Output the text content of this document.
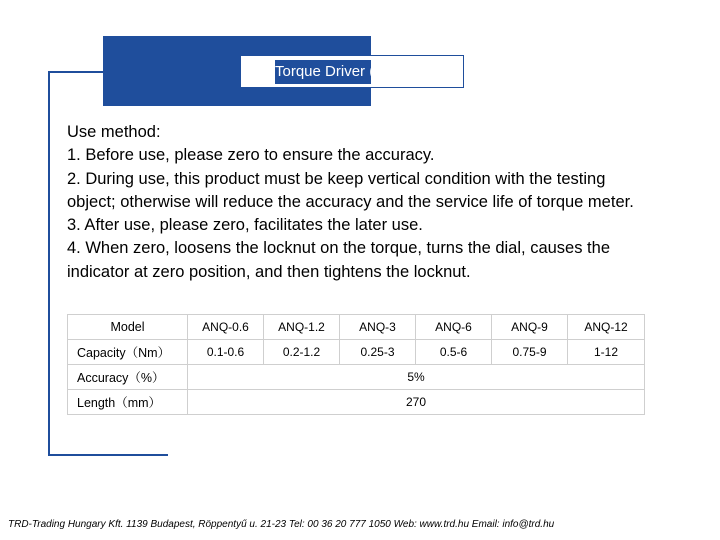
Torque Driver (ANQ)
Use method:
1. Before use, please zero to ensure the accuracy.
2. During use, this product must be keep vertical condition with the testing object; otherwise will reduce the accuracy and the service life of torque meter.
3. After use, please zero, facilitates the later use.
4. When zero, loosens the locknut on the torque, turns the dial, causes the indicator at zero position, and then tightens the locknut.
Model	ANQ-0.6	ANQ-1.2	ANQ-3	ANQ-6	ANQ-9	ANQ-12
Capacity（Nm）	0.1-0.6	0.2-1.2	0.25-3	0.5-6	0.75-9	1-12
Accuracy（%）	5%					
Length（mm）	270					
TRD-Trading Hungary Kft. 1139 Budapest, Röppentyű u. 21-23 Tel: 00 36 20 777 1050 Web: www.trd.hu Email: info@trd.hu
